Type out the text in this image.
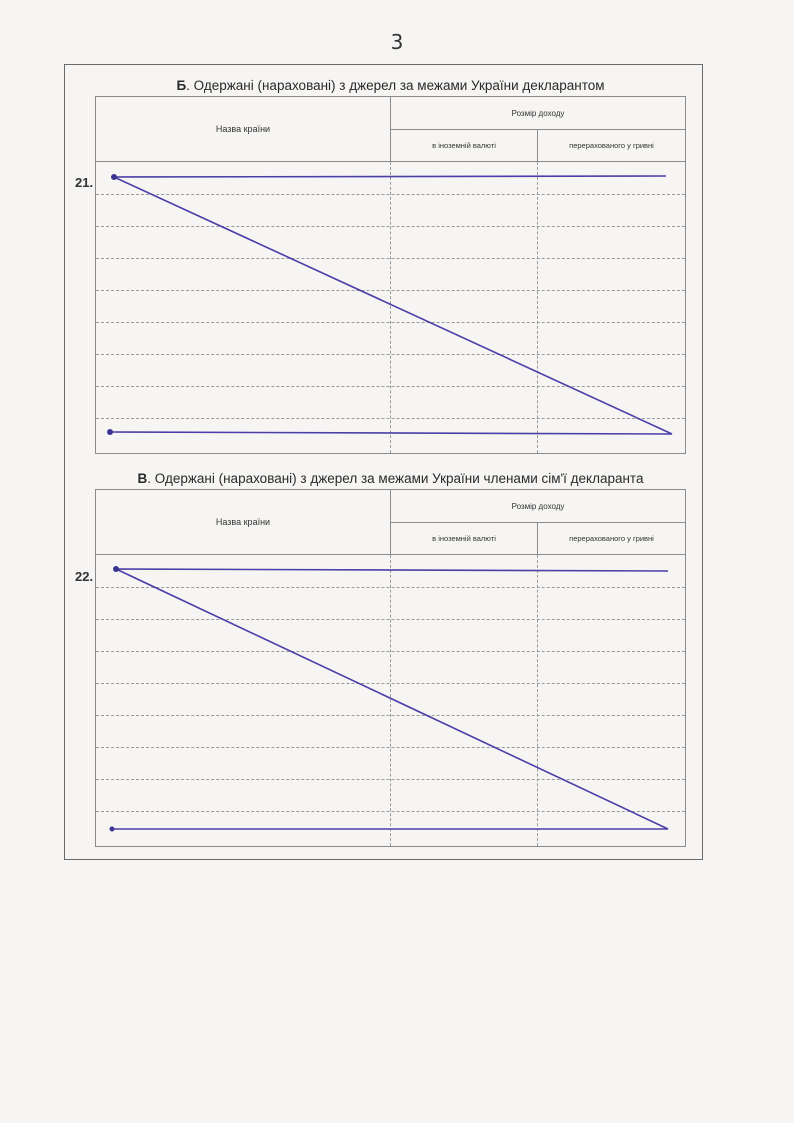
3
Б. Одержані (нараховані) з джерел за межами України декларантом
Назва країни
Розмір доходу
в іноземній валюті	перерахованого у гривні
21.
В. Одержані (нараховані) з джерел за межами України членами сім'ї декларанта
Назва країни
Розмір доходу
в іноземній валюті	перерахованого у гривні
22.
